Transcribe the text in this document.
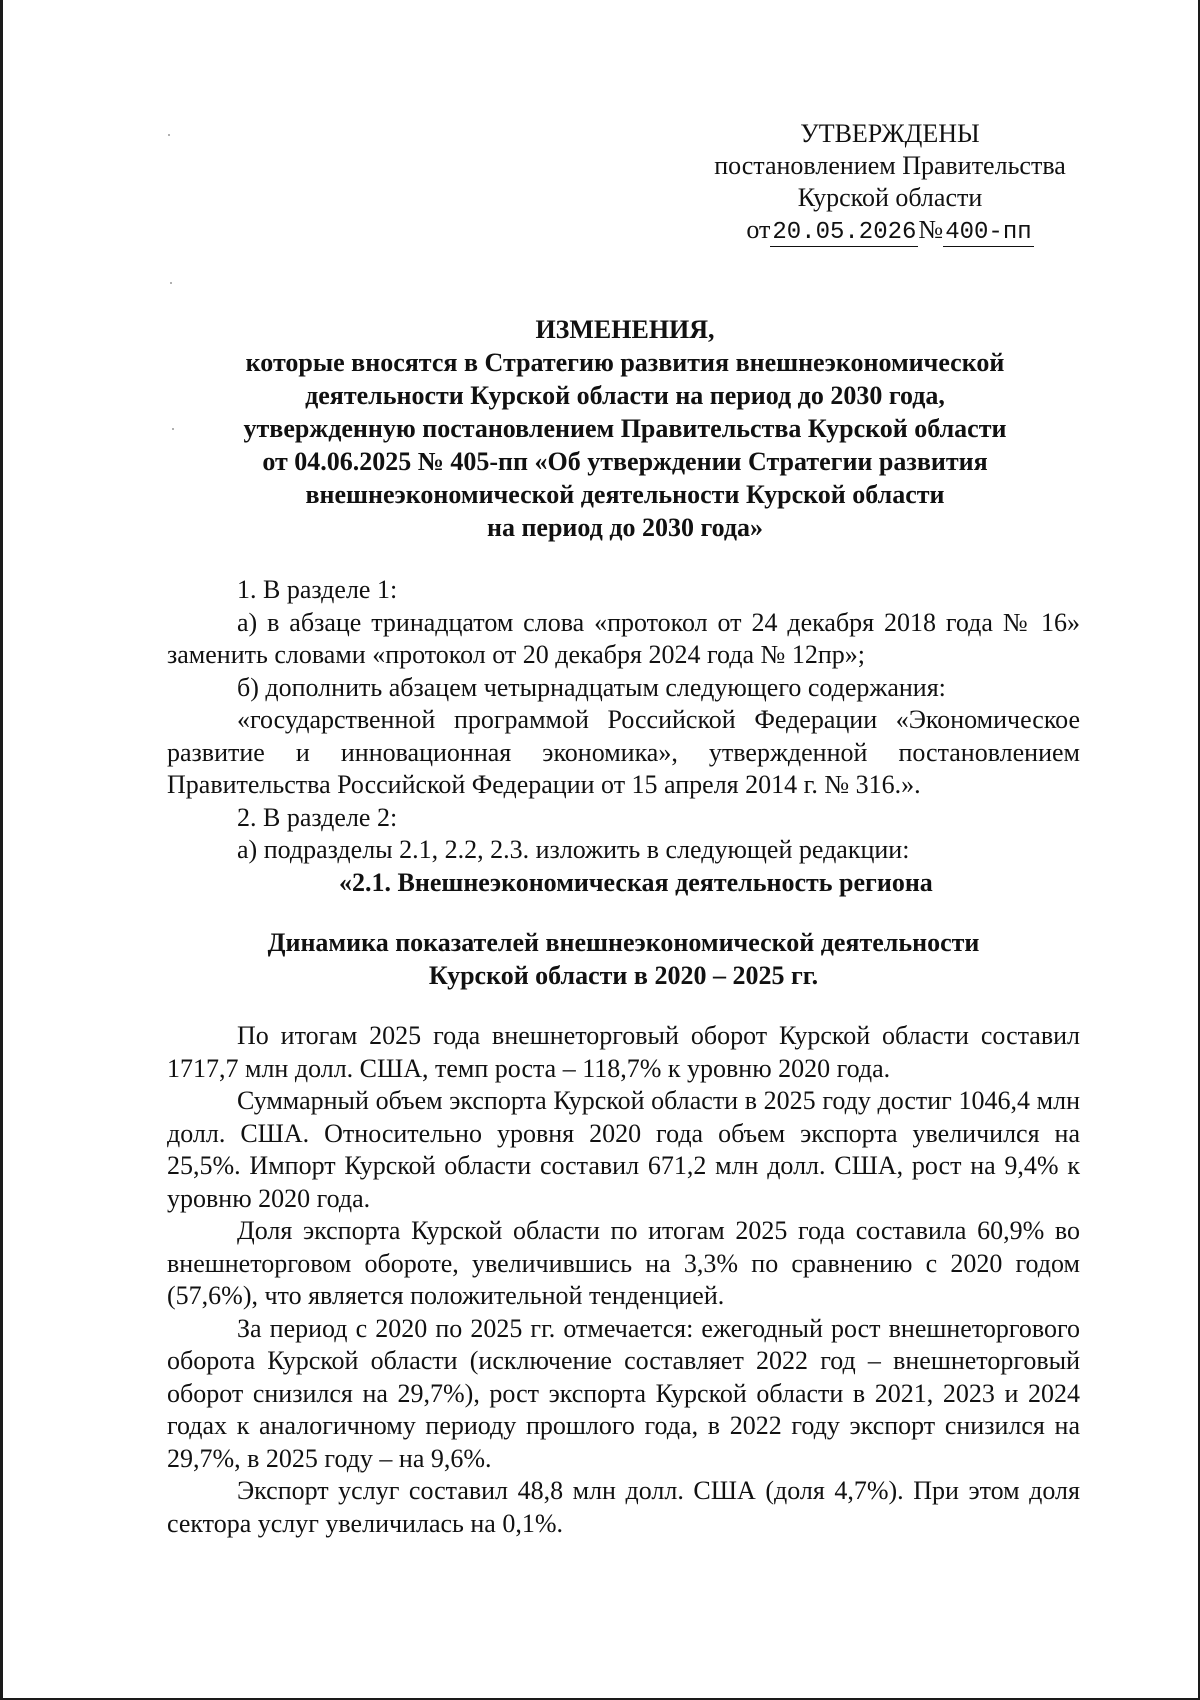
УТВЕРЖДЕНЫ
постановлением Правительства
Курской области
от20.05.2026№400-пп
ИЗМЕНЕНИЯ,
которые вносятся в Стратегию развития внешнеэкономической
деятельности Курской области на период до 2030 года,
утвержденную постановлением Правительства Курской области
от 04.06.2025 № 405-пп «Об утверждении Стратегии развития
внешнеэкономической деятельности Курской области
на период до 2030 года»

1. В разделе 1:

а) в абзаце тринадцатом слова «протокол от 24 декабря 2018 года № 16» заменить словами «протокол от 20 декабря 2024 года № 12пр»;

б) дополнить абзацем четырнадцатым следующего содержания:

«государственной программой Российской Федерации «Экономическое развитие и инновационная экономика», утвержденной постановлением Правительства Российской Федерации от 15 апреля 2014 г. № 316.».

2. В разделе 2:

а) подразделы 2.1, 2.2, 2.3. изложить в следующей редакции:

«2.1. Внешнеэкономическая деятельность региона

Динамика показателей внешнеэкономической деятельности
Курской области в 2020 – 2025 гг.

По итогам 2025 года внешнеторговый оборот Курской области составил 1717,7 млн долл. США, темп роста – 118,7% к уровню 2020 года.

Суммарный объем экспорта Курской области в 2025 году достиг 1046,4 млн долл. США. Относительно уровня 2020 года объем экспорта увеличился на 25,5%. Импорт Курской области составил 671,2 млн долл. США, рост на 9,4% к уровню 2020 года.

Доля экспорта Курской области по итогам 2025 года составила 60,9% во внешнеторговом обороте, увеличившись на 3,3% по сравнению с 2020 годом (57,6%), что является положительной тенденцией.

За период с 2020 по 2025 гг. отмечается: ежегодный рост внешнеторгового оборота Курской области (исключение составляет 2022 год – внешнеторговый оборот снизился на 29,7%), рост экспорта Курской области в 2021, 2023 и 2024 годах к аналогичному периоду прошлого года, в 2022 году экспорт снизился на 29,7%, в 2025 году – на 9,6%.

Экспорт услуг составил 48,8 млн долл. США (доля 4,7%). При этом доля сектора услуг увеличилась на 0,1%.
